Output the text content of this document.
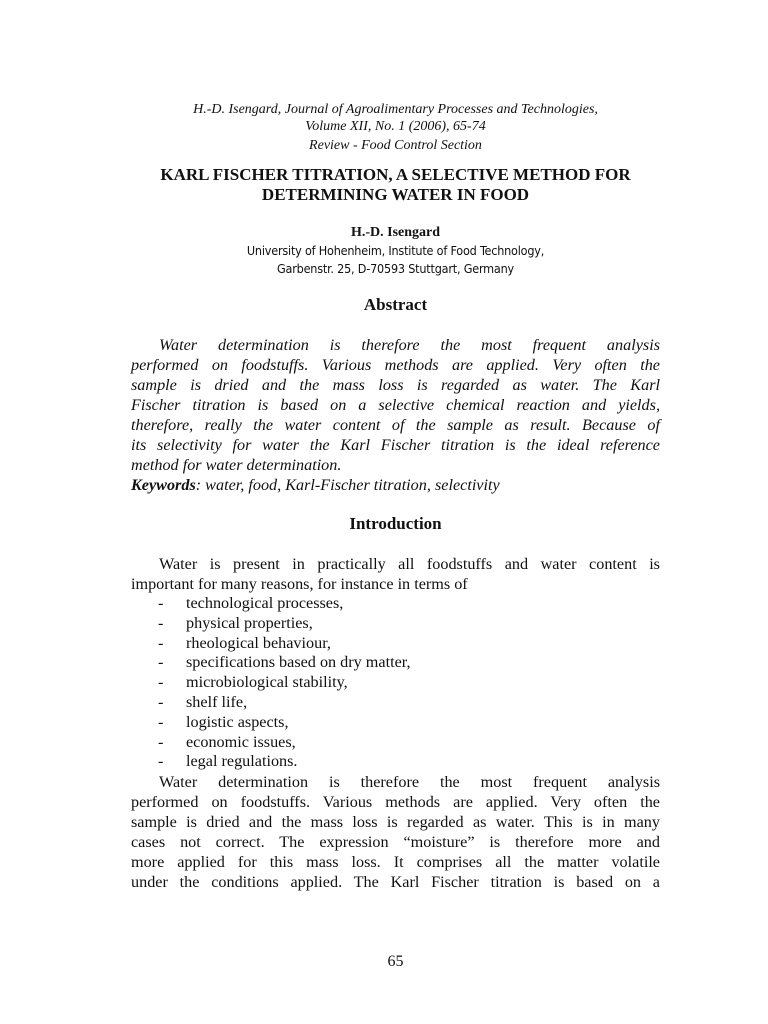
H.-D. Isengard, Journal of Agroalimentary Processes and Technologies,
Volume XII, No. 1 (2006), 65-74
Review - Food Control Section
KARL FISCHER TITRATION, A SELECTIVE METHOD FOR
DETERMINING WATER IN FOOD
H.-D. Isengard
University of Hohenheim, Institute of Food Technology,
Garbenstr. 25, D-70593 Stuttgart, Germany
Abstract
Water determination is therefore the most frequent analysis
performed on foodstuffs. Various methods are applied. Very often the
sample is dried and the mass loss is regarded as water. The Karl
Fischer titration is based on a selective chemical reaction and yields,
therefore, really the water content of the sample as result. Because of
its selectivity for water the Karl Fischer titration is the ideal reference
method for water determination.
Keywords: water, food, Karl-Fischer titration, selectivity
Introduction
Water is present in practically all foodstuffs and water content is
important for many reasons, for instance in terms of
- technological processes,
- physical properties,
- rheological behaviour,
- specifications based on dry matter,
- microbiological stability,
- shelf life,
- logistic aspects,
- economic issues,
- legal regulations.
Water determination is therefore the most frequent analysis
performed on foodstuffs. Various methods are applied. Very often the
sample is dried and the mass loss is regarded as water. This is in many
cases not correct. The expression “moisture” is therefore more and
more applied for this mass loss. It comprises all the matter volatile
under the conditions applied. The Karl Fischer titration is based on a
65
